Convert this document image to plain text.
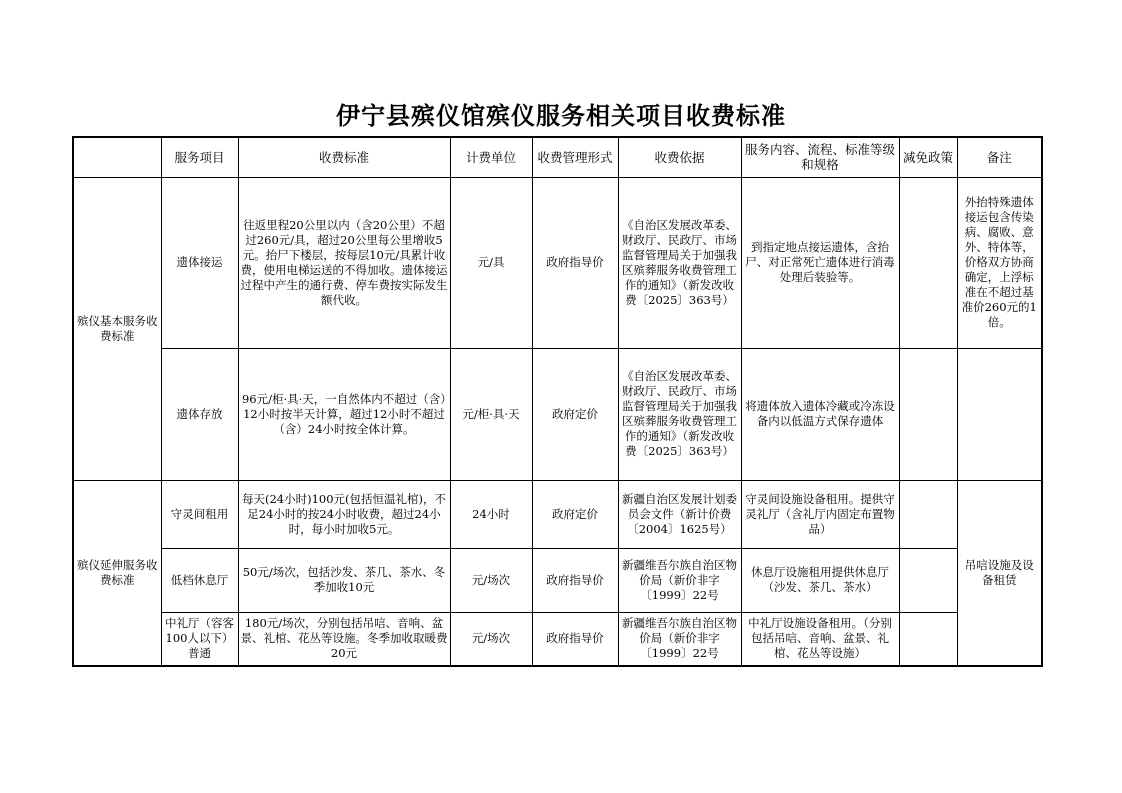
伊宁县殡仪馆殡仪服务相关项目收费标准
	服务项目	收费标准	计费单位	收费管理形式	收费依据	服务内容、流程、标准等级和规格	减免政策	备注
殡仪基本服务收费标准	遗体接运	往返里程20公里以内（含20公里）不超过260元/具，超过20公里每公里增收5元。抬尸下楼层，按每层10元/具累计收费，使用电梯运送的不得加收。遗体接运过程中产生的通行费、停车费按实际发生额代收。	元/具	政府指导价	《自治区发展改革委、财政厅、民政厅、市场监督管理局关于加强我区殡葬服务收费管理工作的通知》（新发改收费〔2025〕363号）	到指定地点接运遗体，含抬尸、对正常死亡遗体进行消毒处理后装验等。		外抬特殊遗体接运包含传染病、腐败、意外、特体等，价格双方协商确定，上浮标准在不超过基准价260元的1倍。
	遗体存放	96元/柜·具·天，一自然体内不超过（含）12小时按半天计算，超过12小时不超过（含）24小时按全体计算。	元/柜·具·天	政府定价	《自治区发展改革委、财政厅、民政厅、市场监督管理局关于加强我区殡葬服务收费管理工作的通知》（新发改收费〔2025〕363号）	将遗体放入遗体冷藏或冷冻设备内以低温方式保存遗体		
殡仪延伸服务收费标准	守灵间租用	每天(24小时)100元(包括恒温礼棺)，不足24小时的按24小时收费，超过24小时，每小时加收5元。	24小时	政府定价	新疆自治区发展计划委员会文件（新计价费〔2004〕1625号）	守灵间设施设备租用。提供守灵礼厅（含礼厅内固定布置物品）		吊唁设施及设备租赁
	低档休息厅	50元/场次，包括沙发、茶几、茶水、冬季加收10元	元/场次	政府指导价	新疆维吾尔族自治区物价局（新价非字〔1999〕22号	休息厅设施租用提供休息厅（沙发、茶几、茶水）		
	中礼厅（容客100人以下）普通	180元/场次，分别包括吊唁、音响、盆景、礼棺、花丛等设施。冬季加收取暖费20元	元/场次	政府指导价	新疆维吾尔族自治区物价局（新价非字〔1999〕22号	中礼厅设施设备租用。（分别包括吊唁、音响、盆景、礼棺、花丛等设施）		
